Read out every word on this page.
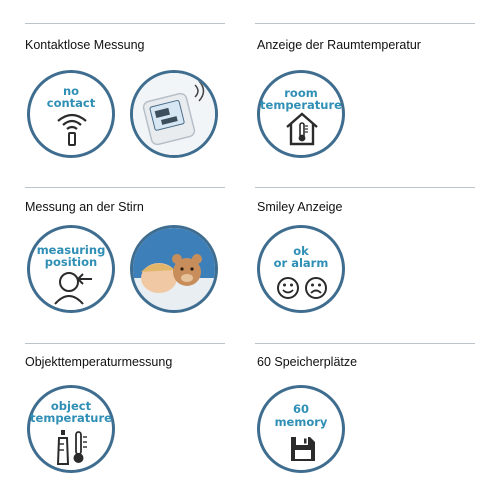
Kontaktlose Messung	Anzeige der Raumtemperatur
no
contact
room
temperature
Messung an der Stirn	Smiley Anzeige
measuring
position
ok
or alarm
Objekttemperaturmessung	60 Speicherplätze
object
temperature
60
memory
